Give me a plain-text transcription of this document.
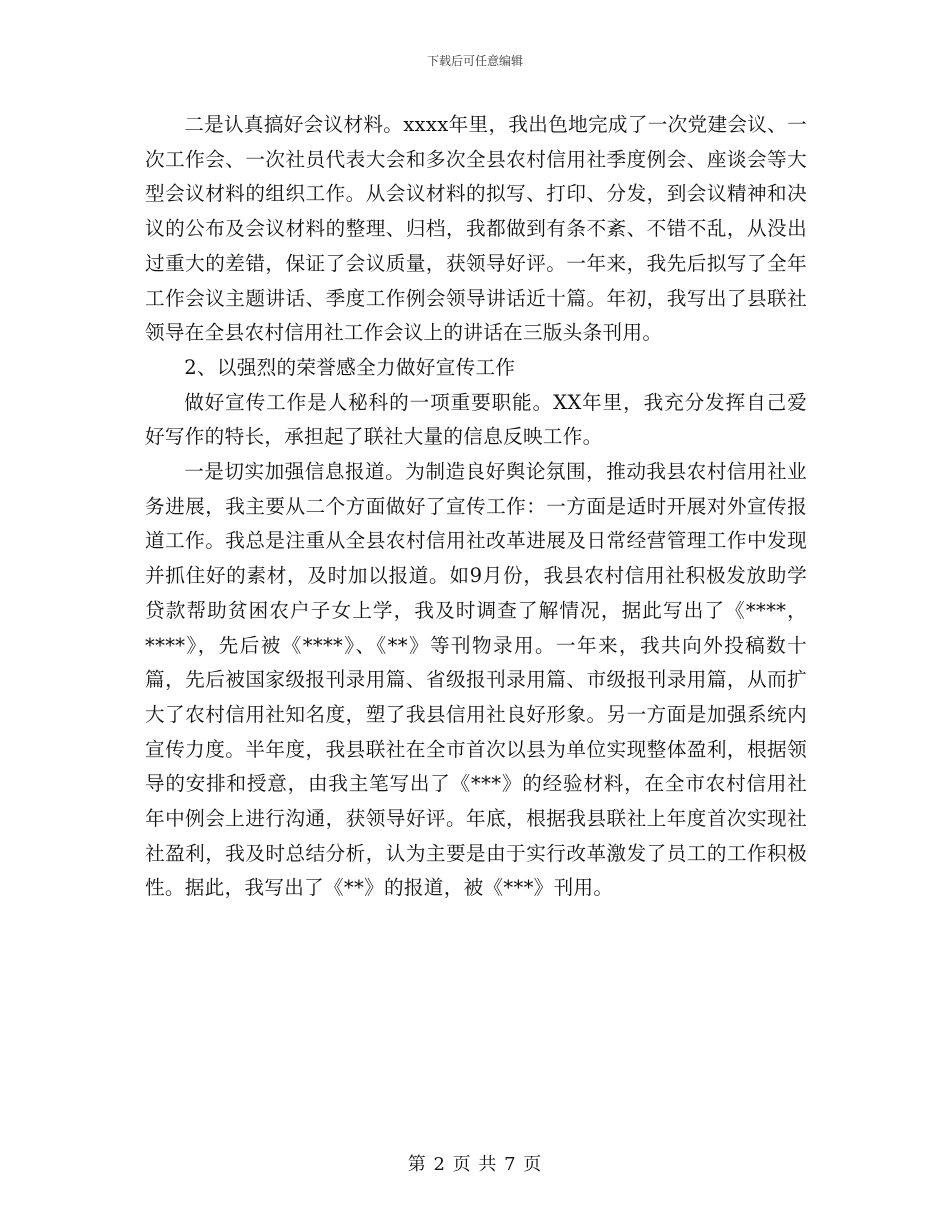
下载后可任意编辑

二是认真搞好会议材料。xxxx年里，我出色地完成了一次党建会议、一次工作会、一次社员代表大会和多次全县农村信用社季度例会、座谈会等大型会议材料的组织工作。从会议材料的拟写、打印、分发，到会议精神和决议的公布及会议材料的整理、归档，我都做到有条不紊、不错不乱，从没出过重大的差错，保证了会议质量，获领导好评。一年来，我先后拟写了全年工作会议主题讲话、季度工作例会领导讲话近十篇。年初，我写出了县联社领导在全县农村信用社工作会议上的讲话在三版头条刊用。

2、以强烈的荣誉感全力做好宣传工作

做好宣传工作是人秘科的一项重要职能。XX年里，我充分发挥自己爱好写作的特长，承担起了联社大量的信息反映工作。

一是切实加强信息报道。为制造良好舆论氛围，推动我县农村信用社业务进展，我主要从二个方面做好了宣传工作：一方面是适时开展对外宣传报道工作。我总是注重从全县农村信用社改革进展及日常经营管理工作中发现并抓住好的素材，及时加以报道。如9月份，我县农村信用社积极发放助学贷款帮助贫困农户子女上学，我及时调查了解情况，据此写出了《****，****》，先后被《****》、《**》等刊物录用。一年来，我共向外投稿数十篇，先后被国家级报刊录用篇、省级报刊录用篇、市级报刊录用篇，从而扩大了农村信用社知名度，塑了我县信用社良好形象。另一方面是加强系统内宣传力度。半年度，我县联社在全市首次以县为单位实现整体盈利，根据领导的安排和授意，由我主笔写出了《***》的经验材料，在全市农村信用社年中例会上进行沟通，获领导好评。年底，根据我县联社上年度首次实现社社盈利，我及时总结分析，认为主要是由于实行改革激发了员工的工作积极性。据此，我写出了《**》的报道，被《***》刊用。

第 2 页 共 7 页
